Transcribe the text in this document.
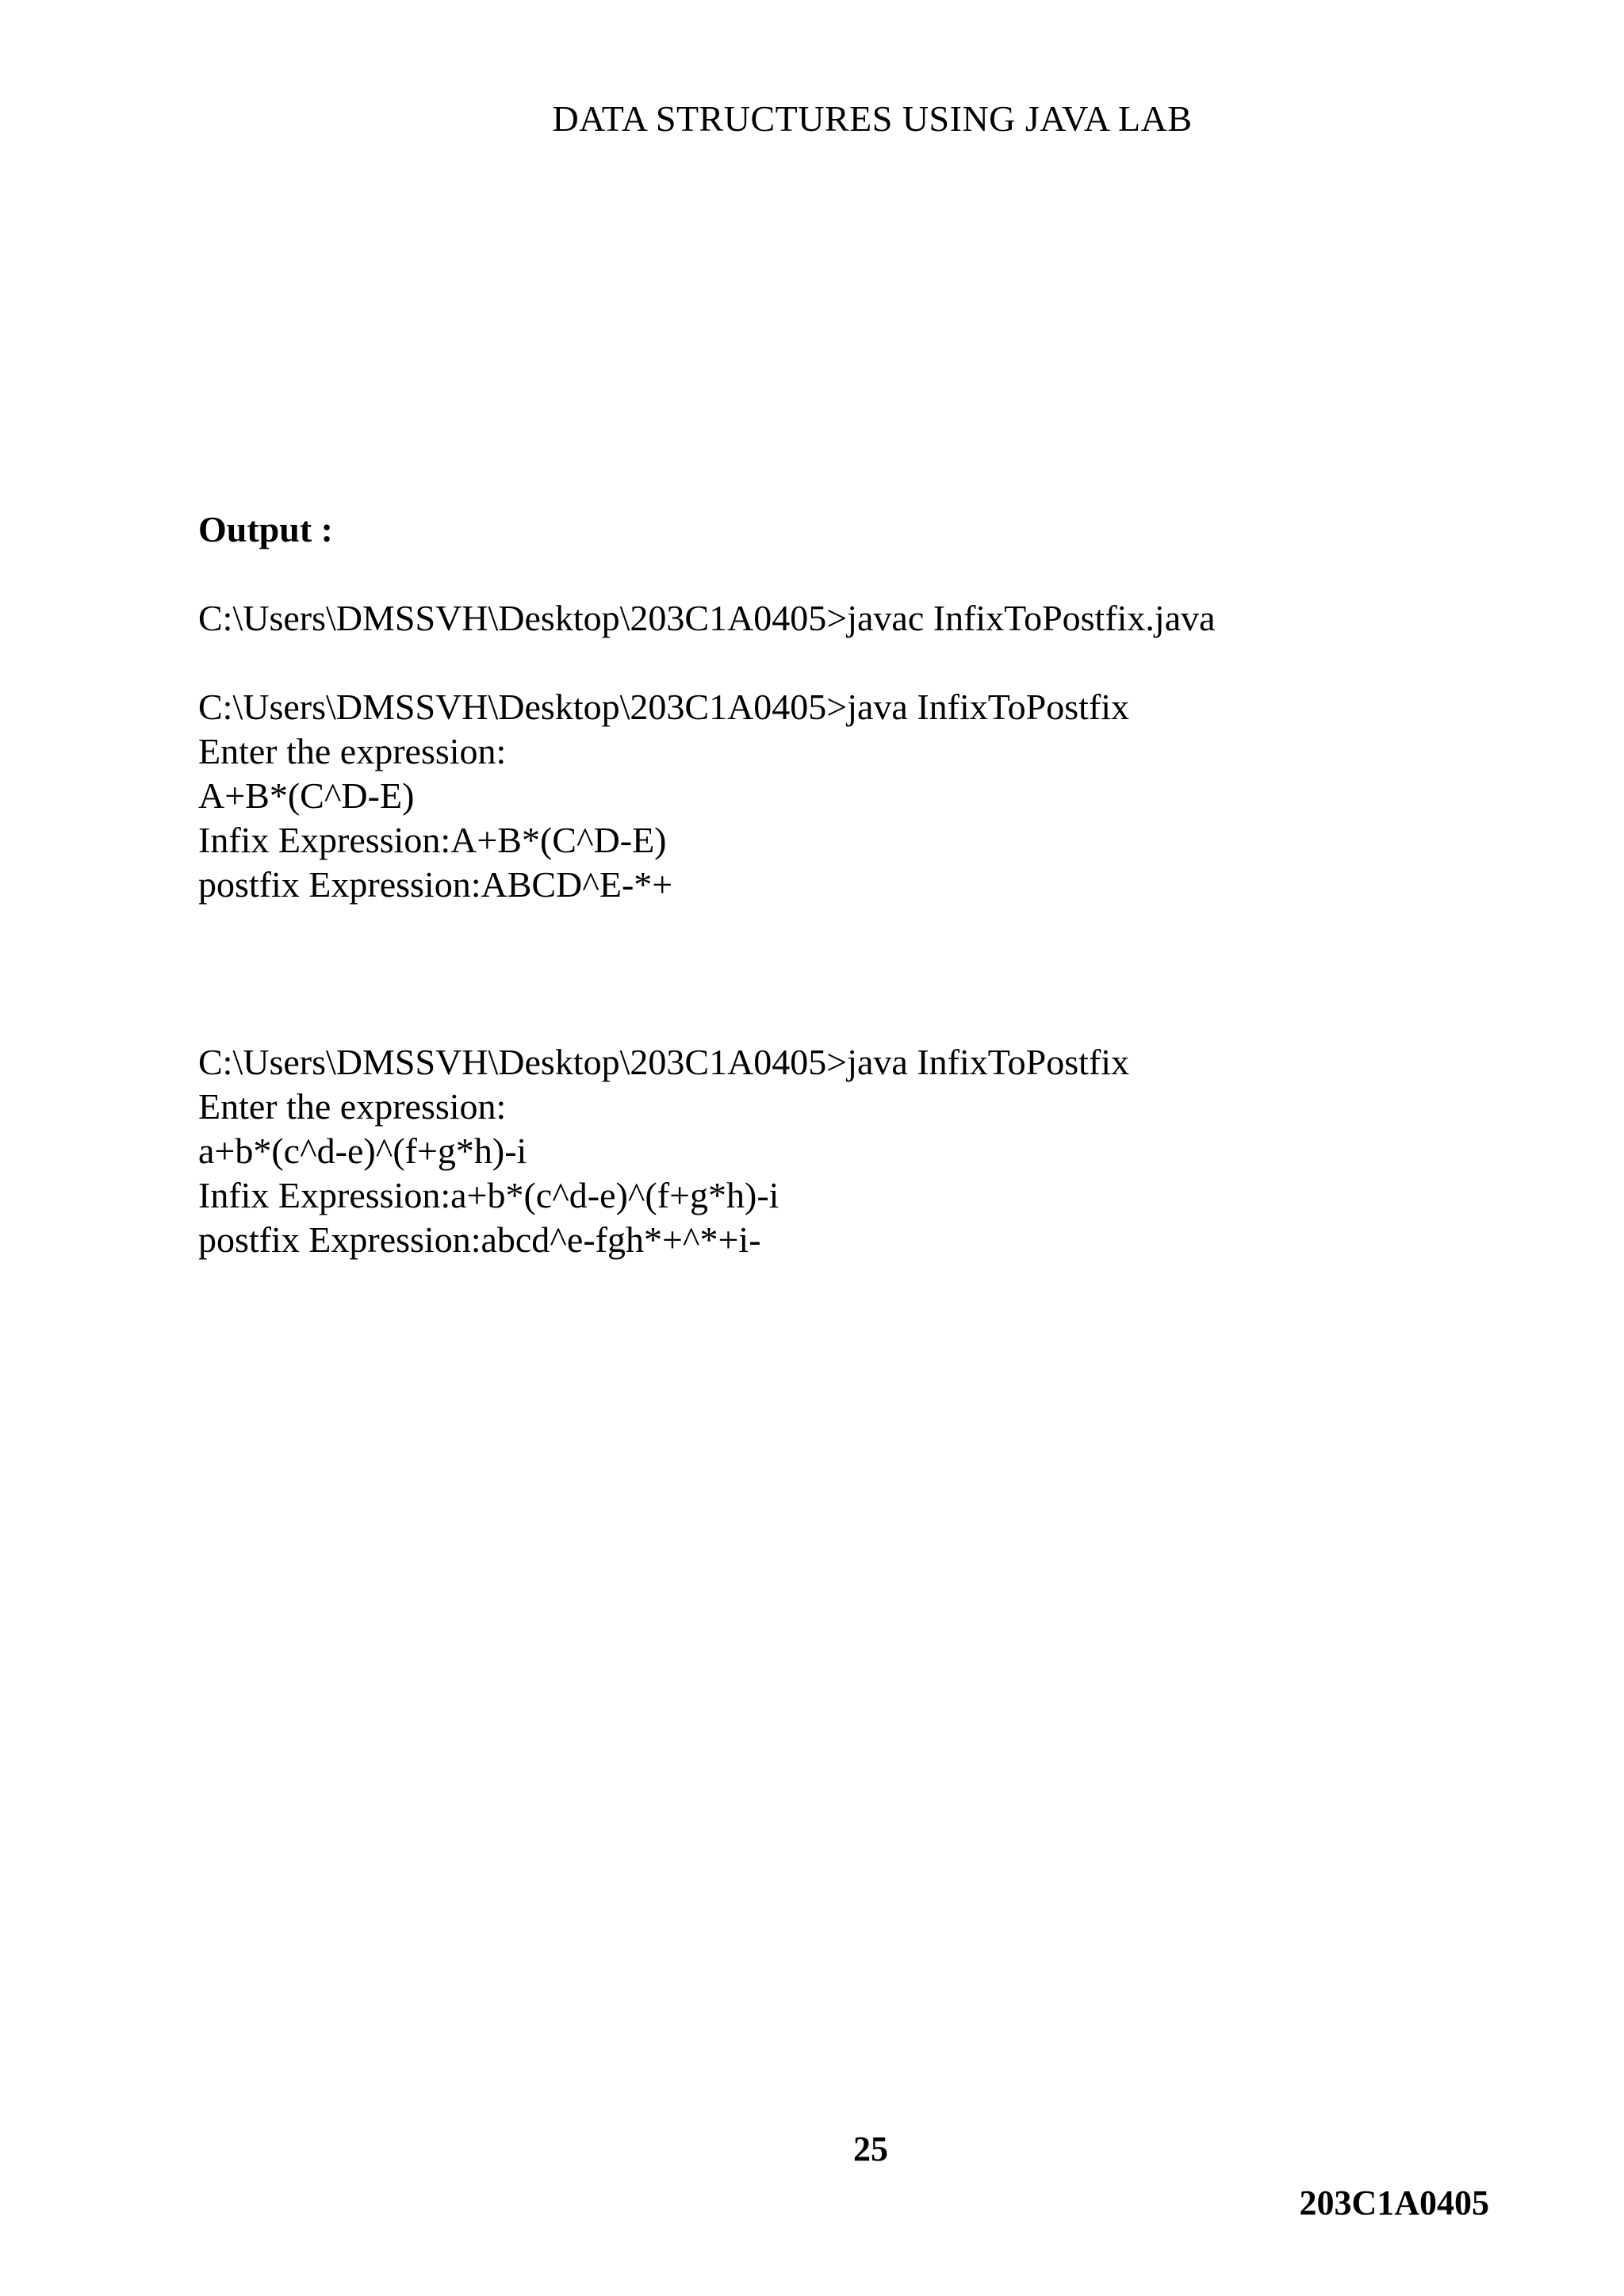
DATA STRUCTURES USING JAVA LAB
Output :
C:\Users\DMSSVH\Desktop\203C1A0405>javac InfixToPostfix.java
C:\Users\DMSSVH\Desktop\203C1A0405>java InfixToPostfix
Enter the expression:
A+B*(C^D-E)
Infix Expression:A+B*(C^D-E)
postfix Expression:ABCD^E-*+
C:\Users\DMSSVH\Desktop\203C1A0405>java InfixToPostfix
Enter the expression:
a+b*(c^d-e)^(f+g*h)-i
Infix Expression:a+b*(c^d-e)^(f+g*h)-i
postfix Expression:abcd^e-fgh*+^*+i-
25
203C1A0405
